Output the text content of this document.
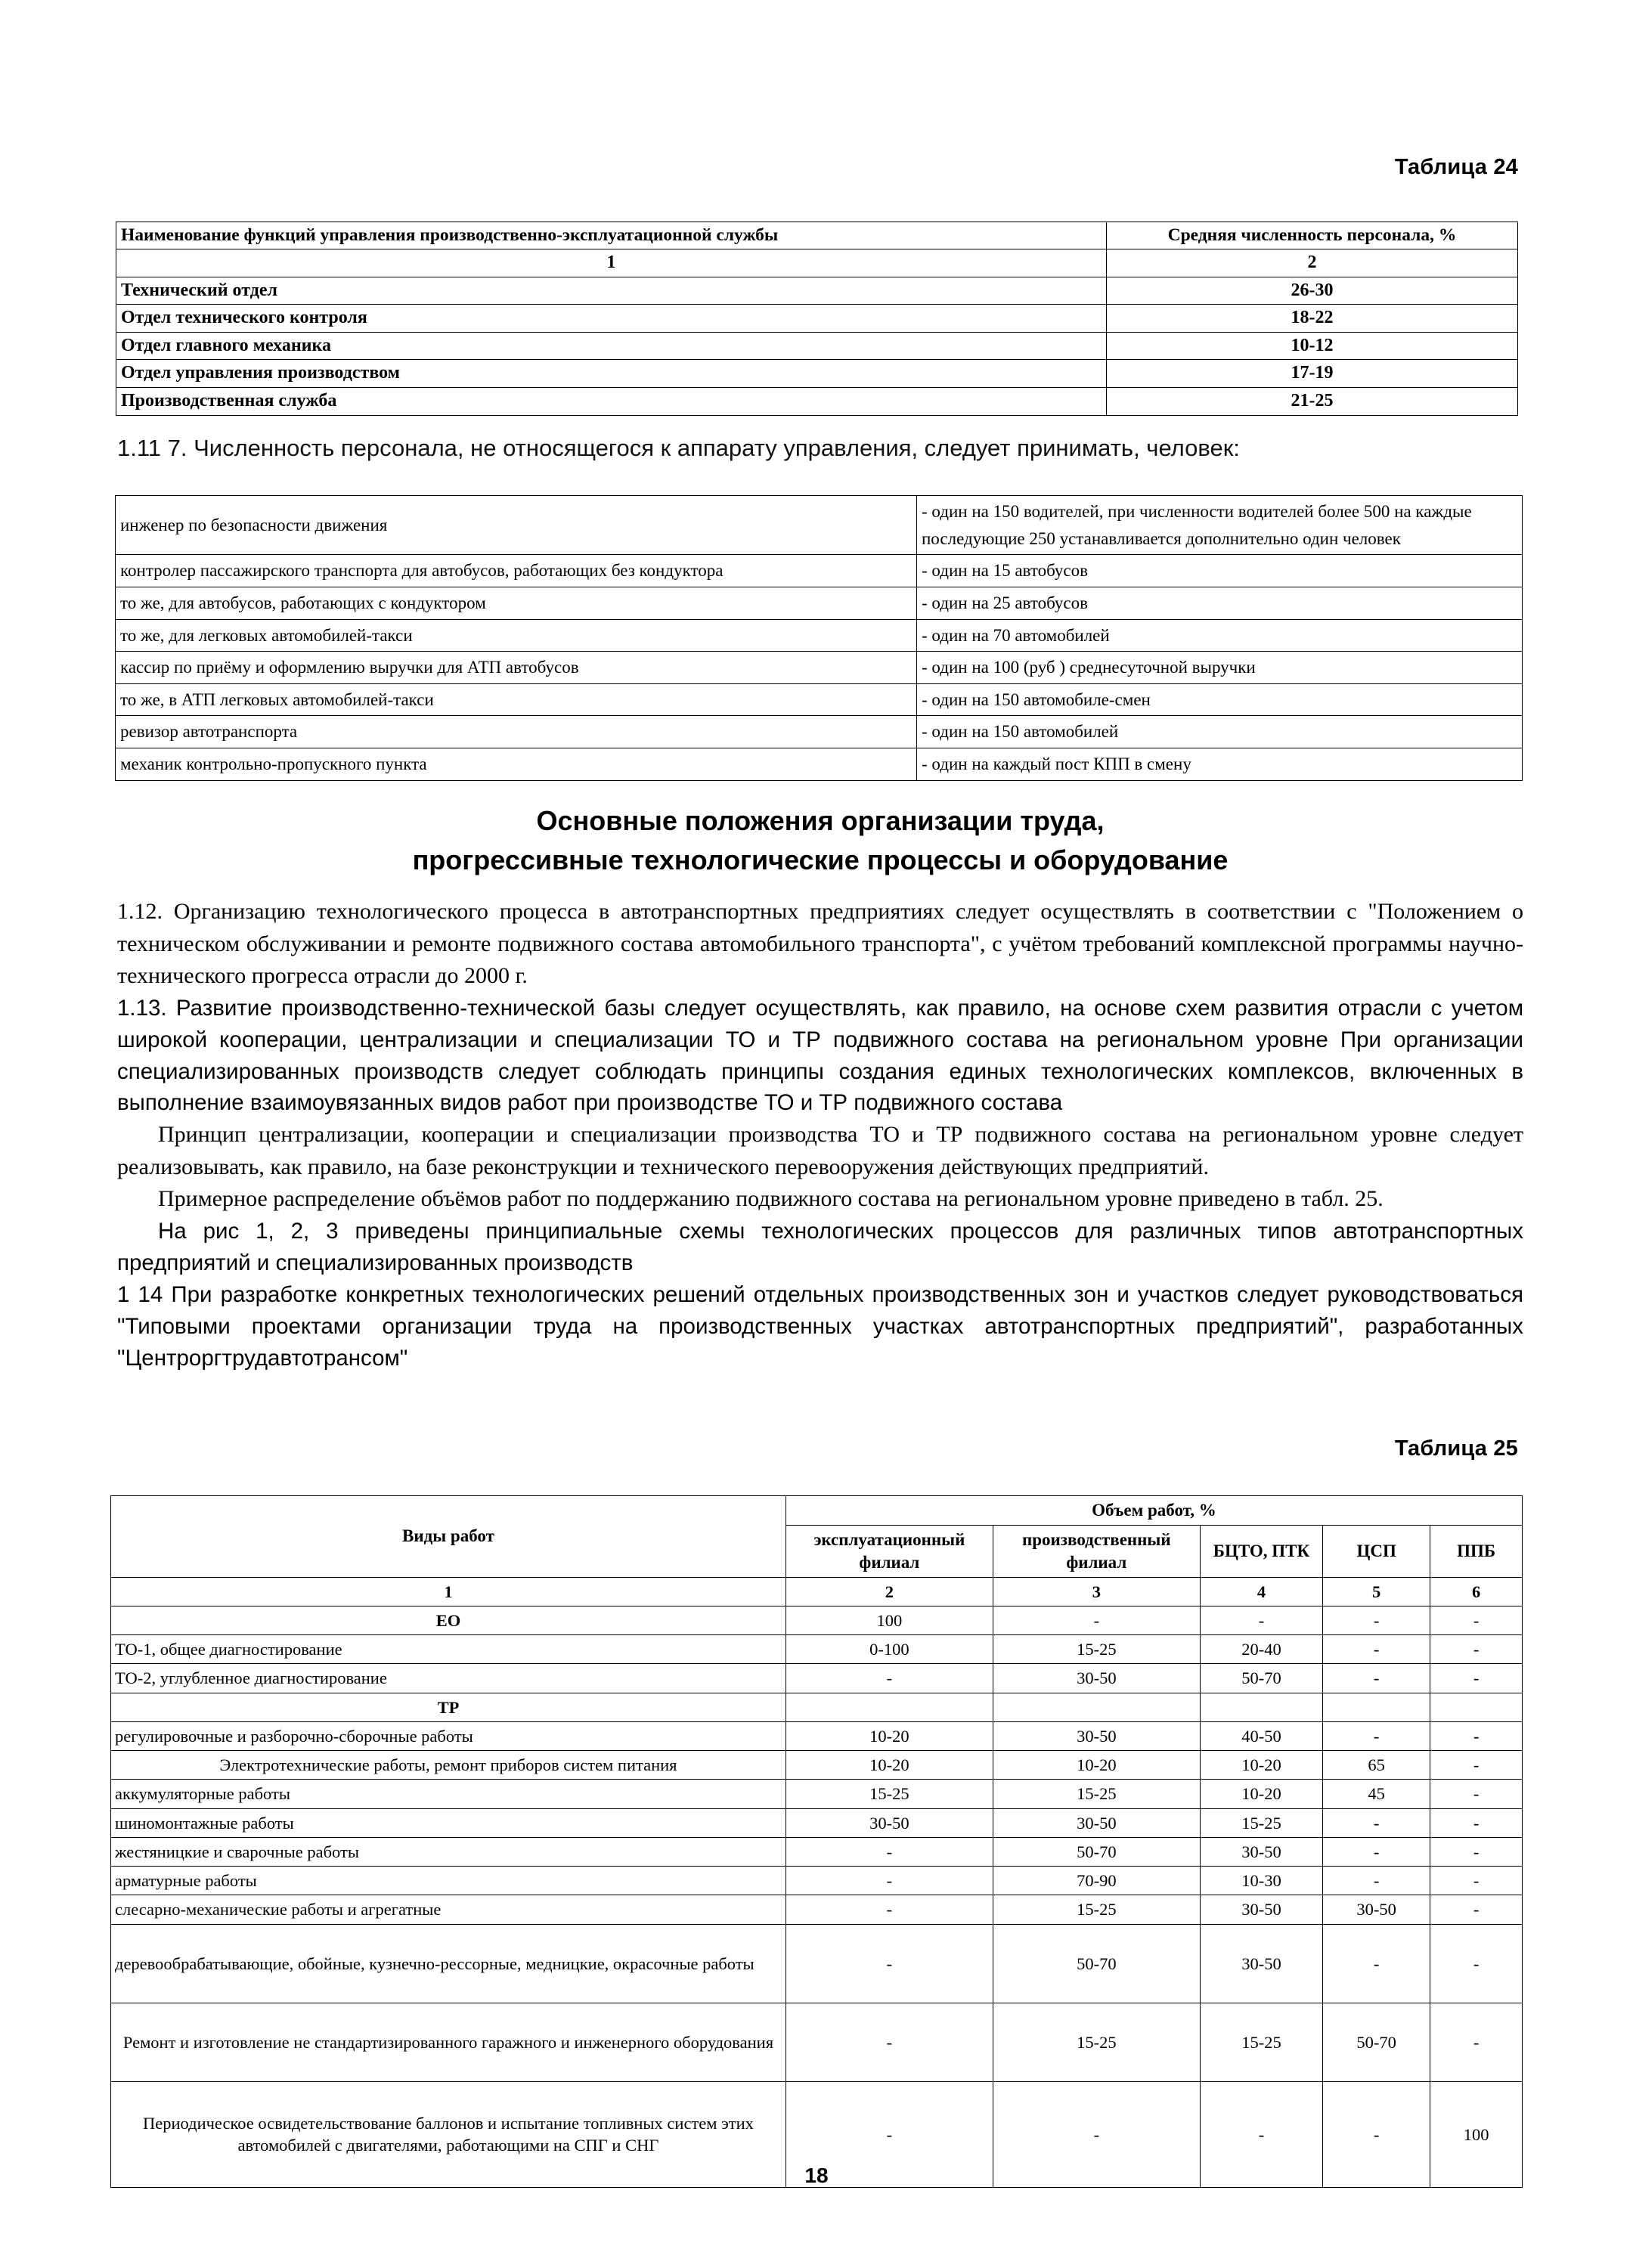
Таблица 24
Наименование функций управления производственно-эксплуатационной службы	Средняя численность персонала, %
1	2
Технический отдел	26-30
Отдел технического контроля	18-22
Отдел главного механика	10-12
Отдел управления производством	17-19
Производственная служба	21-25
1.11 7. Численность персонала, не относящегося к аппарату управления, следует принимать, человек:
инженер по безопасности движения	- один на 150 водителей, при численности водителей более 500 на каждые последующие 250 устанавливается дополнительно один человек
контролер пассажирского транспорта для автобусов, работающих без кондуктора	- один на 15 автобусов
то же, для автобусов, работающих с кондуктором	- один на 25 автобусов
то же, для легковых автомобилей-такси	- один на 70 автомобилей
кассир по приёму и оформлению выручки для АТП автобусов	- один на 100 (руб ) среднесуточной выручки
то же, в АТП легковых автомобилей-такси	- один на 150 автомобиле-смен
ревизор автотранспорта	- один на 150 автомобилей
механик контрольно-пропускного пункта	- один на каждый пост КПП в смену
Основные положения организации труда,
прогрессивные технологические процессы и оборудование

1.12. Организацию технологического процесса в автотранспортных предприятиях следует осуществлять в соответствии с "Положением о техническом обслуживании и ремонте подвижного состава автомобильного транспорта", с учётом требований комплексной программы научно-технического прогресса отрасли до 2000 г.

1.13. Развитие производственно-технической базы следует осуществлять, как правило, на основе схем развития отрасли с учетом широкой кооперации, централизации и специализации ТО и ТР подвижного состава на региональном уровне При организации специализированных производств следует соблюдать принципы создания единых технологических комплексов, включенных в выполнение взаимоувязанных видов работ при производстве ТО и ТР подвижного состава

Принцип централизации, кооперации и специализации производства ТО и ТР подвижного состава на региональном уровне следует реализовывать, как правило, на базе реконструкции и технического перевооружения действующих предприятий.

Примерное распределение объёмов работ по поддержанию подвижного состава на региональном уровне приведено в табл. 25.

На рис 1, 2, 3 приведены принципиальные схемы технологических процессов для различных типов автотранспортных предприятий и специализированных производств

1 14 При разработке конкретных технологических решений отдельных производственных зон и участков следует руководствоваться "Типовыми проектами организации труда на производственных участках автотранспортных предприятий", разработанных "Центроргтрудавтотрансом"

Таблица 25
Виды работ	Объем работ, %				
	эксплуатационный филиал	производственный филиал	БЦТО, ПТК	ЦСП	ППБ
1	2	3	4	5	6
ЕО	100	-	-	-	-
ТО-1, общее диагностирование	0-100	15-25	20-40	-	-
ТО-2, углубленное диагностирование	-	30-50	50-70	-	-
ТР					
регулировочные и разборочно-сборочные работы	10-20	30-50	40-50	-	-
Электротехнические работы, ремонт приборов систем питания	10-20	10-20	10-20	65	-
аккумуляторные работы	15-25	15-25	10-20	45	-
шиномонтажные работы	30-50	30-50	15-25	-	-
жестяницкие и сварочные работы	-	50-70	30-50	-	-
арматурные работы	-	70-90	10-30	-	-
слесарно-механические работы и агрегатные	-	15-25	30-50	30-50	-
деревообрабатывающие, обойные, кузнечно-рессорные, медницкие, окрасочные работы	-	50-70	30-50	-	-
Ремонт и изготовление не стандартизированного гаражного и инженерного оборудования	-	15-25	15-25	50-70	-
Периодическое освидетельствование баллонов и испытание топливных систем этих автомобилей с двигателями, работающими на СПГ и СНГ	-	-	-	-	100
18
